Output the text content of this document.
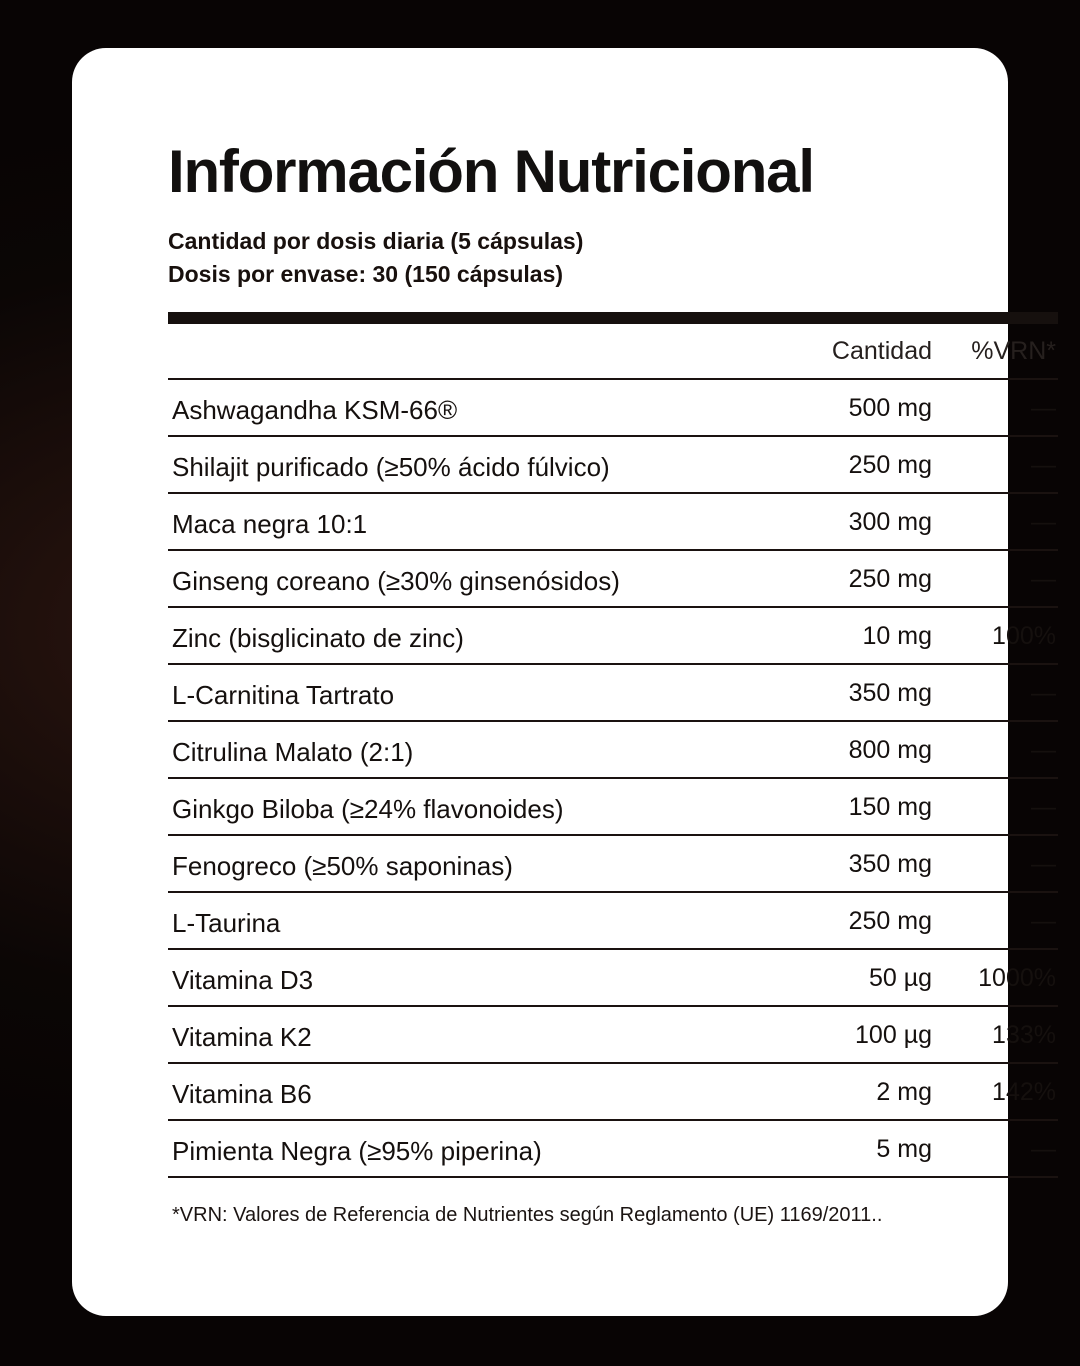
Información Nutricional
Cantidad por dosis diaria (5 cápsulas)
Dosis por envase: 30 (150 cápsulas)
Cantidad	%VRN*
Ashwagandha KSM-66®	500 mg	—
Shilajit purificado (≥50% ácido fúlvico)	250 mg	—
Maca negra 10:1	300 mg	—
Ginseng coreano (≥30% ginsenósidos)	250 mg	—
Zinc (bisglicinato de zinc)	10 mg	100%
L-Carnitina Tartrato	350 mg	—
Citrulina Malato (2:1)	800 mg	—
Ginkgo Biloba (≥24% flavonoides)	150 mg	—
Fenogreco (≥50% saponinas)	350 mg	—
L-Taurina	250 mg	—
Vitamina D3	50 µg	1000%
Vitamina K2	100 µg	133%
Vitamina B6	2 mg	142%
Pimienta Negra (≥95% piperina)	5 mg	—
*VRN: Valores de Referencia de Nutrientes según Reglamento (UE) 1169/2011..
